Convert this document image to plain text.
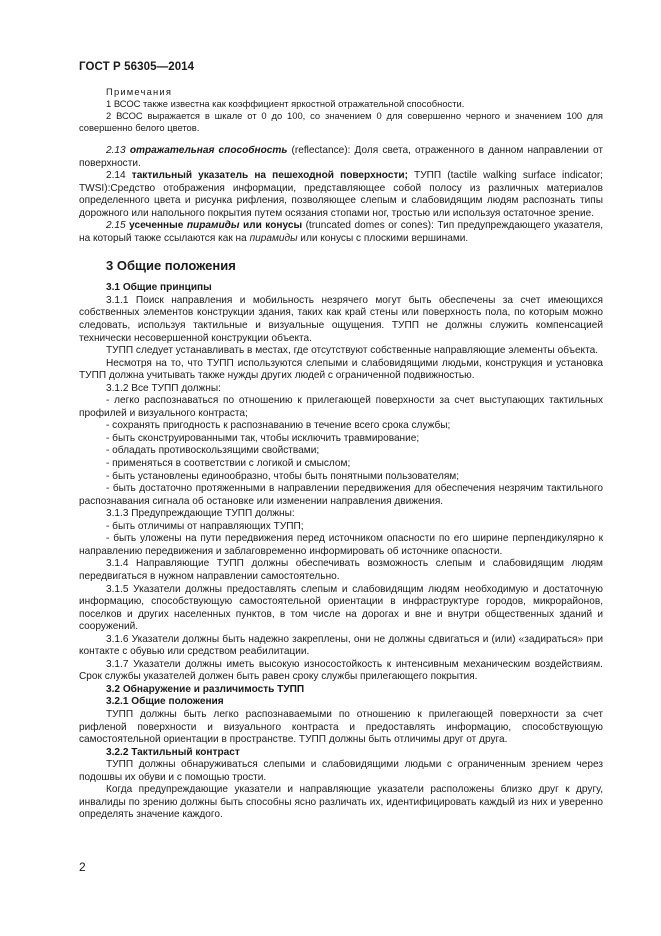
ГОСТ Р 56305—2014
Примечания

1 ВСОС также известна как коэффициент яркостной отражательной способности.

2 ВСОС выражается в шкале от 0 до 100, со значением 0 для совершенно черного и значением 100 для совершенно белого цветов.

2.13 отражательная способность (reflectance): Доля света, отраженного в данном направлении от поверхности.

2.14 тактильный указатель на пешеходной поверхности; ТУПП (tactile walking surface indicator; TWSI):Средство отображения информации, представляющее собой полосу из различных материалов определенного цвета и рисунка рифления, позволяющее слепым и слабовидящим людям распознать типы дорожного или напольного покрытия путем осязания стопами ног, тростью или используя остаточное зрение.

2.15 усеченные пирамиды или конусы (truncated domes or cones): Тип предупреждающего указателя, на который также ссылаются как на пирамиды или конусы с плоскими вершинами.

3 Общие положения

3.1 Общие принципы

3.1.1 Поиск направления и мобильность незрячего могут быть обеспечены за счет имеющихся собственных элементов конструкции здания, таких как край стены или поверхность пола, по которым можно следовать, используя тактильные и визуальные ощущения. ТУПП не должны служить компенсацией технически несовершенной конструкции объекта.

ТУПП следует устанавливать в местах, где отсутствуют собственные направляющие элементы объекта.

Несмотря на то, что ТУПП используются слепыми и слабовидящими людьми, конструкция и установка ТУПП должна учитывать также нужды других людей с ограниченной подвижностью.

3.1.2 Все ТУПП должны:

- легко распознаваться по отношению к прилегающей поверхности за счет выступающих тактильных профилей и визуального контраста;

- сохранять пригодность к распознаванию в течение всего срока службы;

- быть сконструированными так, чтобы исключить травмирование;

- обладать противоскользящими свойствами;

- применяться в соответствии с логикой и смыслом;

- быть установлены единообразно, чтобы быть понятными пользователям;

- быть достаточно протяженными в направлении передвижения для обеспечения незрячим тактильного распознавания сигнала об остановке или изменении направления движения.

3.1.3 Предупреждающие ТУПП должны:

- быть отличимы от направляющих ТУПП;

- быть уложены на пути передвижения перед источником опасности по его ширине перпендикулярно к направлению передвижения и заблаговременно информировать об источнике опасности.

3.1.4 Направляющие ТУПП должны обеспечивать возможность слепым и слабовидящим людям передвигаться в нужном направлении самостоятельно.

3.1.5 Указатели должны предоставлять слепым и слабовидящим людям необходимую и достаточную информацию, способствующую самостоятельной ориентации в инфраструктуре городов, микрорайонов, поселков и других населенных пунктов, в том числе на дорогах и вне и внутри общественных зданий и сооружений.

3.1.6 Указатели должны быть надежно закреплены, они не должны сдвигаться и (или) «задираться» при контакте с обувью или средством реабилитации.

3.1.7 Указатели должны иметь высокую износостойкость к интенсивным механическим воздействиям. Срок службы указателей должен быть равен сроку службы прилегающего покрытия.

3.2 Обнаружение и различимость ТУПП

3.2.1 Общие положения

ТУПП должны быть легко распознаваемыми по отношению к прилегающей поверхности за счет рифленой поверхности и визуального контраста и предоставлять информацию, способствующую самостоятельной ориентации в пространстве. ТУПП должны быть отличимы друг от друга.

3.2.2 Тактильный контраст

ТУПП должны обнаруживаться слепыми и слабовидящими людьми с ограниченным зрением через подошвы их обуви и с помощью трости.

Когда предупреждающие указатели и направляющие указатели расположены близко друг к другу, инвалиды по зрению должны быть способны ясно различать их, идентифицировать каждый из них и уверенно определять значение каждого.

2
